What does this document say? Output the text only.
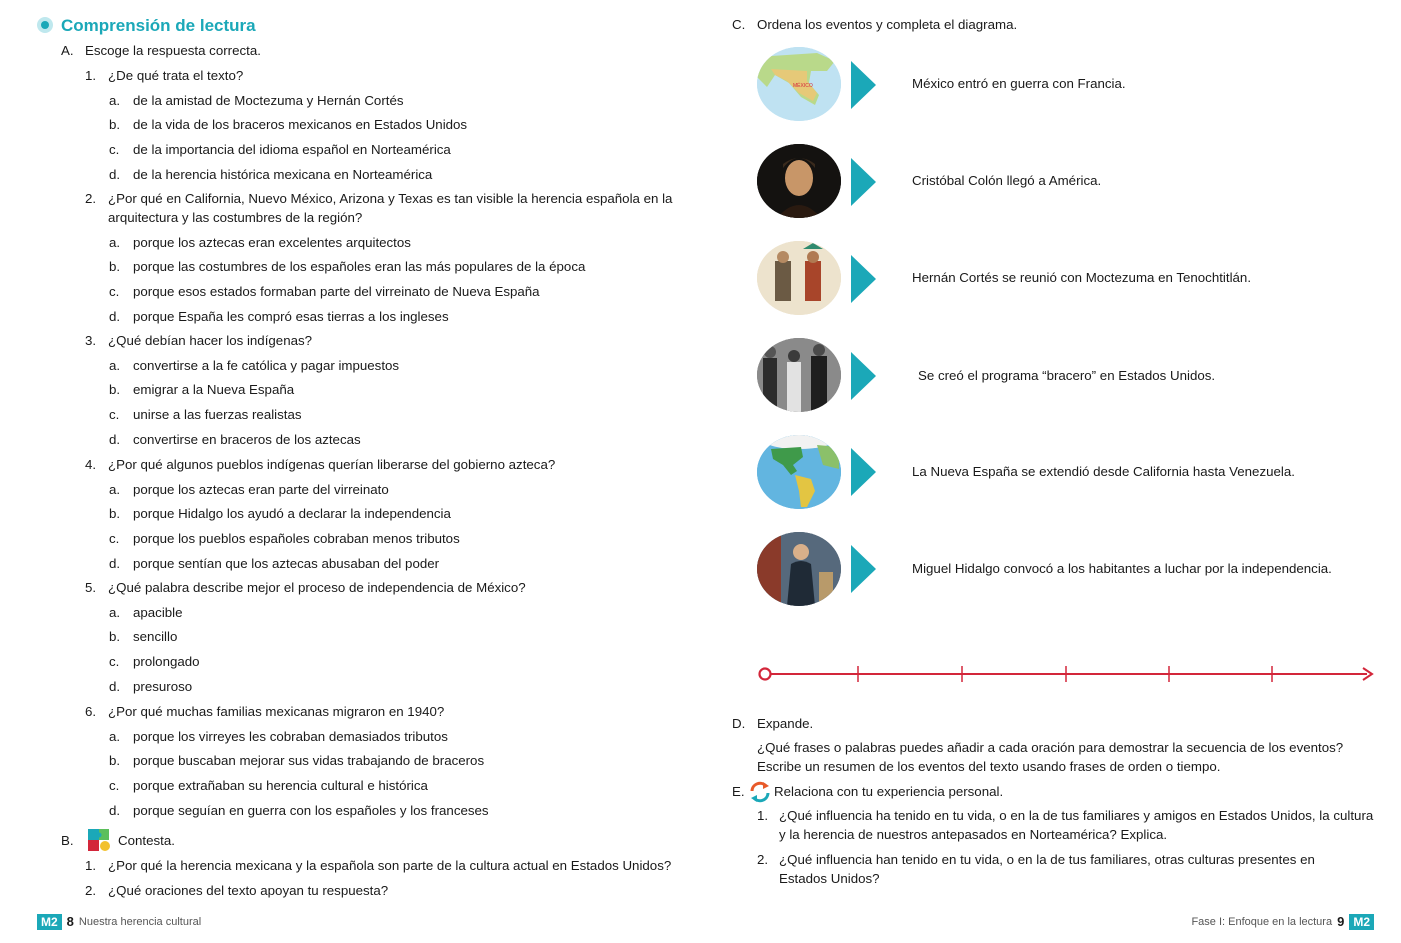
Comprensión de lectura
A. Escoge la respuesta correcta.
1. ¿De qué trata el texto?
a. de la amistad de Moctezuma y Hernán Cortés
b. de la vida de los braceros mexicanos en Estados Unidos
c. de la importancia del idioma español en Norteamérica
d. de la herencia histórica mexicana en Norteamérica
2. ¿Por qué en California, Nuevo México, Arizona y Texas es tan visible la herencia española en la
arquitectura y las costumbres de la región?
a. porque los aztecas eran excelentes arquitectos
b. porque las costumbres de los españoles eran las más populares de la época
c. porque esos estados formaban parte del virreinato de Nueva España
d. porque España les compró esas tierras a los ingleses
3. ¿Qué debían hacer los indígenas?
a. convertirse a la fe católica y pagar impuestos
b. emigrar a la Nueva España
c. unirse a las fuerzas realistas
d. convertirse en braceros de los aztecas
4. ¿Por qué algunos pueblos indígenas querían liberarse del gobierno azteca?
a. porque los aztecas eran parte del virreinato
b. porque Hidalgo los ayudó a declarar la independencia
c. porque los pueblos españoles cobraban menos tributos
d. porque sentían que los aztecas abusaban del poder
5. ¿Qué palabra describe mejor el proceso de independencia de México?
a. apacible
b. sencillo
c. prolongado
d. presuroso
6. ¿Por qué muchas familias mexicanas migraron en 1940?
a. porque los virreyes les cobraban demasiados tributos
b. porque buscaban mejorar sus vidas trabajando de braceros
c. porque extrañaban su herencia cultural e histórica
d. porque seguían en guerra con los españoles y los franceses
B.	Contesta.
1. ¿Por qué la herencia mexicana y la española son parte de la cultura actual en Estados Unidos?
2. ¿Qué oraciones del texto apoyan tu respuesta?
M2 8 Nuestra herencia cultural
C. Ordena los eventos y completa el diagrama.
MÉXICO	México entró en guerra con Francia.
Cristóbal Colón llegó a América.
Hernán Cortés se reunió con Moctezuma en Tenochtitlán.
Se creó el programa “bracero” en Estados Unidos.
La Nueva España se extendió desde California hasta Venezuela.
Miguel Hidalgo convocó a los habitantes a luchar por la independencia.
D. Expande.
¿Qué frases o palabras puedes añadir a cada oración para demostrar la secuencia de los eventos?
Escribe un resumen de los eventos del texto usando frases de orden o tiempo.
E. Relaciona con tu experiencia personal.
1. ¿Qué influencia ha tenido en tu vida, o en la de tus familiares y amigos en Estados Unidos, la cultura
y la herencia de nuestros antepasados en Norteamérica? Explica.
2. ¿Qué influencia han tenido en tu vida, o en la de tus familiares, otras culturas presentes en
Estados Unidos?
Fase I: Enfoque en la lectura 9 M2
